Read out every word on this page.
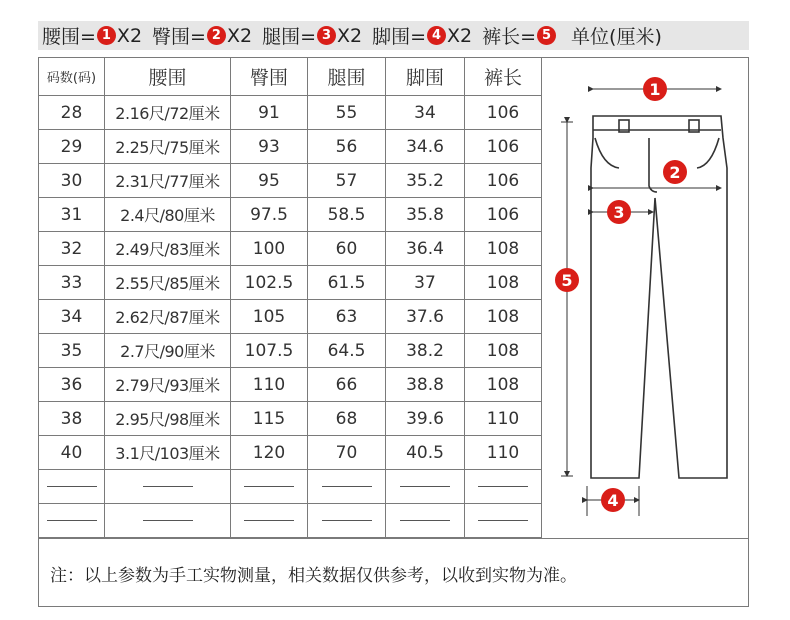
腰围= 1 X2 臀围= 2 X2 腿围= 3 X2 脚围= 4 X2 裤长= 5 单位(厘米)
码数(码)	腰围	臀围	腿围	脚围	裤长
28	2.16尺/72厘米	91	55	34	106
29	2.25尺/75厘米	93	56	34.6	106
30	2.31尺/77厘米	95	57	35.2	106
31	2.4尺/80厘米	97.5	58.5	35.8	106
32	2.49尺/83厘米	100	60	36.4	108
33	2.55尺/85厘米	102.5	61.5	37	108
34	2.62尺/87厘米	105	63	37.6	108
35	2.7尺/90厘米	107.5	64.5	38.2	108
36	2.79尺/93厘米	110	66	38.8	108
38	2.95尺/98厘米	115	68	39.6	110
40	3.1尺/103厘米	120	70	40.5	110

1
2
3
4
5
注：以上参数为手工实物测量，相关数据仅供参考，以收到实物为准。
